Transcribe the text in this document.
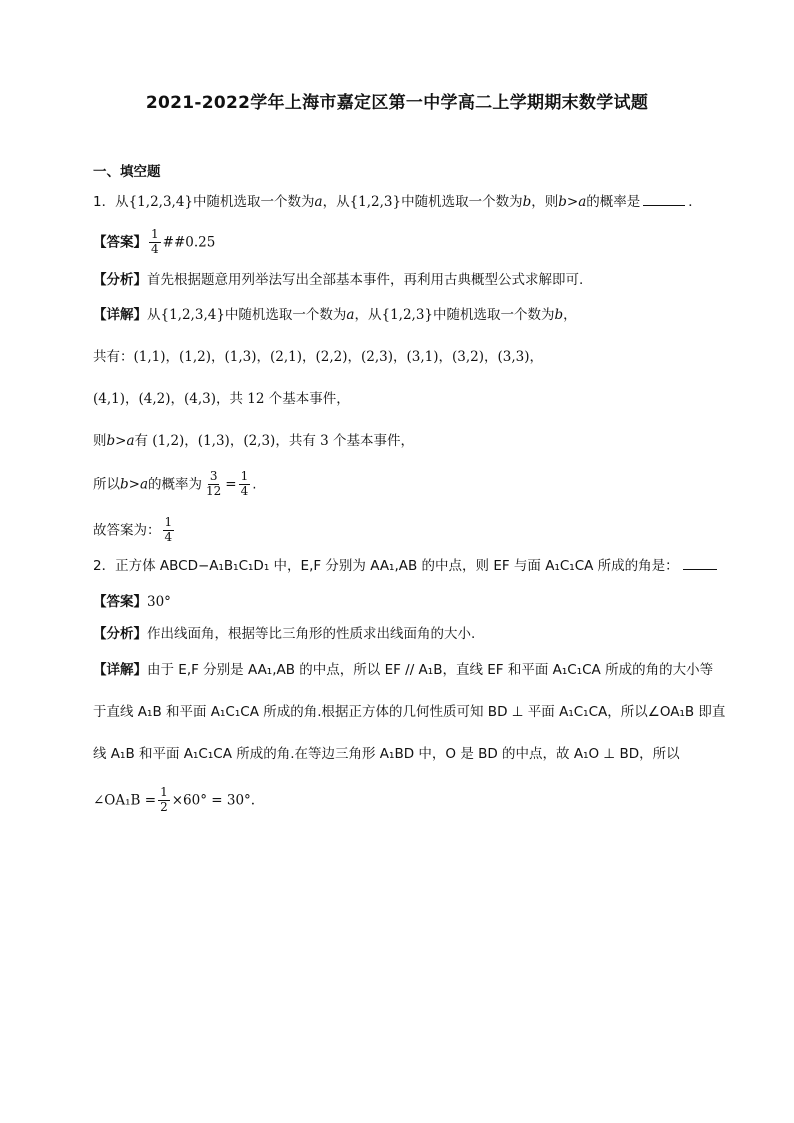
2021-2022学年上海市嘉定区第一中学高二上学期期末数学试题
一、填空题
1．从{1,2,3,4}中随机选取一个数为a，从{1,2,3}中随机选取一个数为b，则b>a的概率是	．
【答案】 $\frac{1}{4}$ ##0.25
【分析】首先根据题意用列举法写出全部基本事件，再利用古典概型公式求解即可.
【详解】从{1,2,3,4}中随机选取一个数为a，从{1,2,3}中随机选取一个数为b，
共有：(1,1)，(1,2)，(1,3)，(2,1)，(2,2)，(2,3)，(3,1)，(3,2)，(3,3)，
(4,1)，(4,2)，(4,3)，共 12 个基本事件，
则b>a有 (1,2)，(1,3)，(2,3)，共有 3 个基本事件，
所以b>a的概率为 $\frac{3}{12} = \frac{1}{4}$ .
故答案为： $\frac{1}{4}$
2．正方体 ABCD−A₁B₁C₁D₁ 中，E,F 分别为 AA₁,AB 的中点，则 EF 与面 A₁C₁CA 所成的角是：
【答案】30°
【分析】作出线面角，根据等比三角形的性质求出线面角的大小.
【详解】由于 E,F 分别是 AA₁,AB 的中点，所以 EF // A₁B，直线 EF 和平面 A₁C₁CA 所成的角的大小等
于直线 A₁B 和平面 A₁C₁CA 所成的角.根据正方体的几何性质可知 BD ⊥ 平面 A₁C₁CA，所以∠OA₁B 即直
线 A₁B 和平面 A₁C₁CA 所成的角.在等边三角形 A₁BD 中，O 是 BD 的中点，故 A₁O ⊥ BD，所以
∠OA₁B = $\frac{1}{2} \times 60^\circ = 30^\circ$.
